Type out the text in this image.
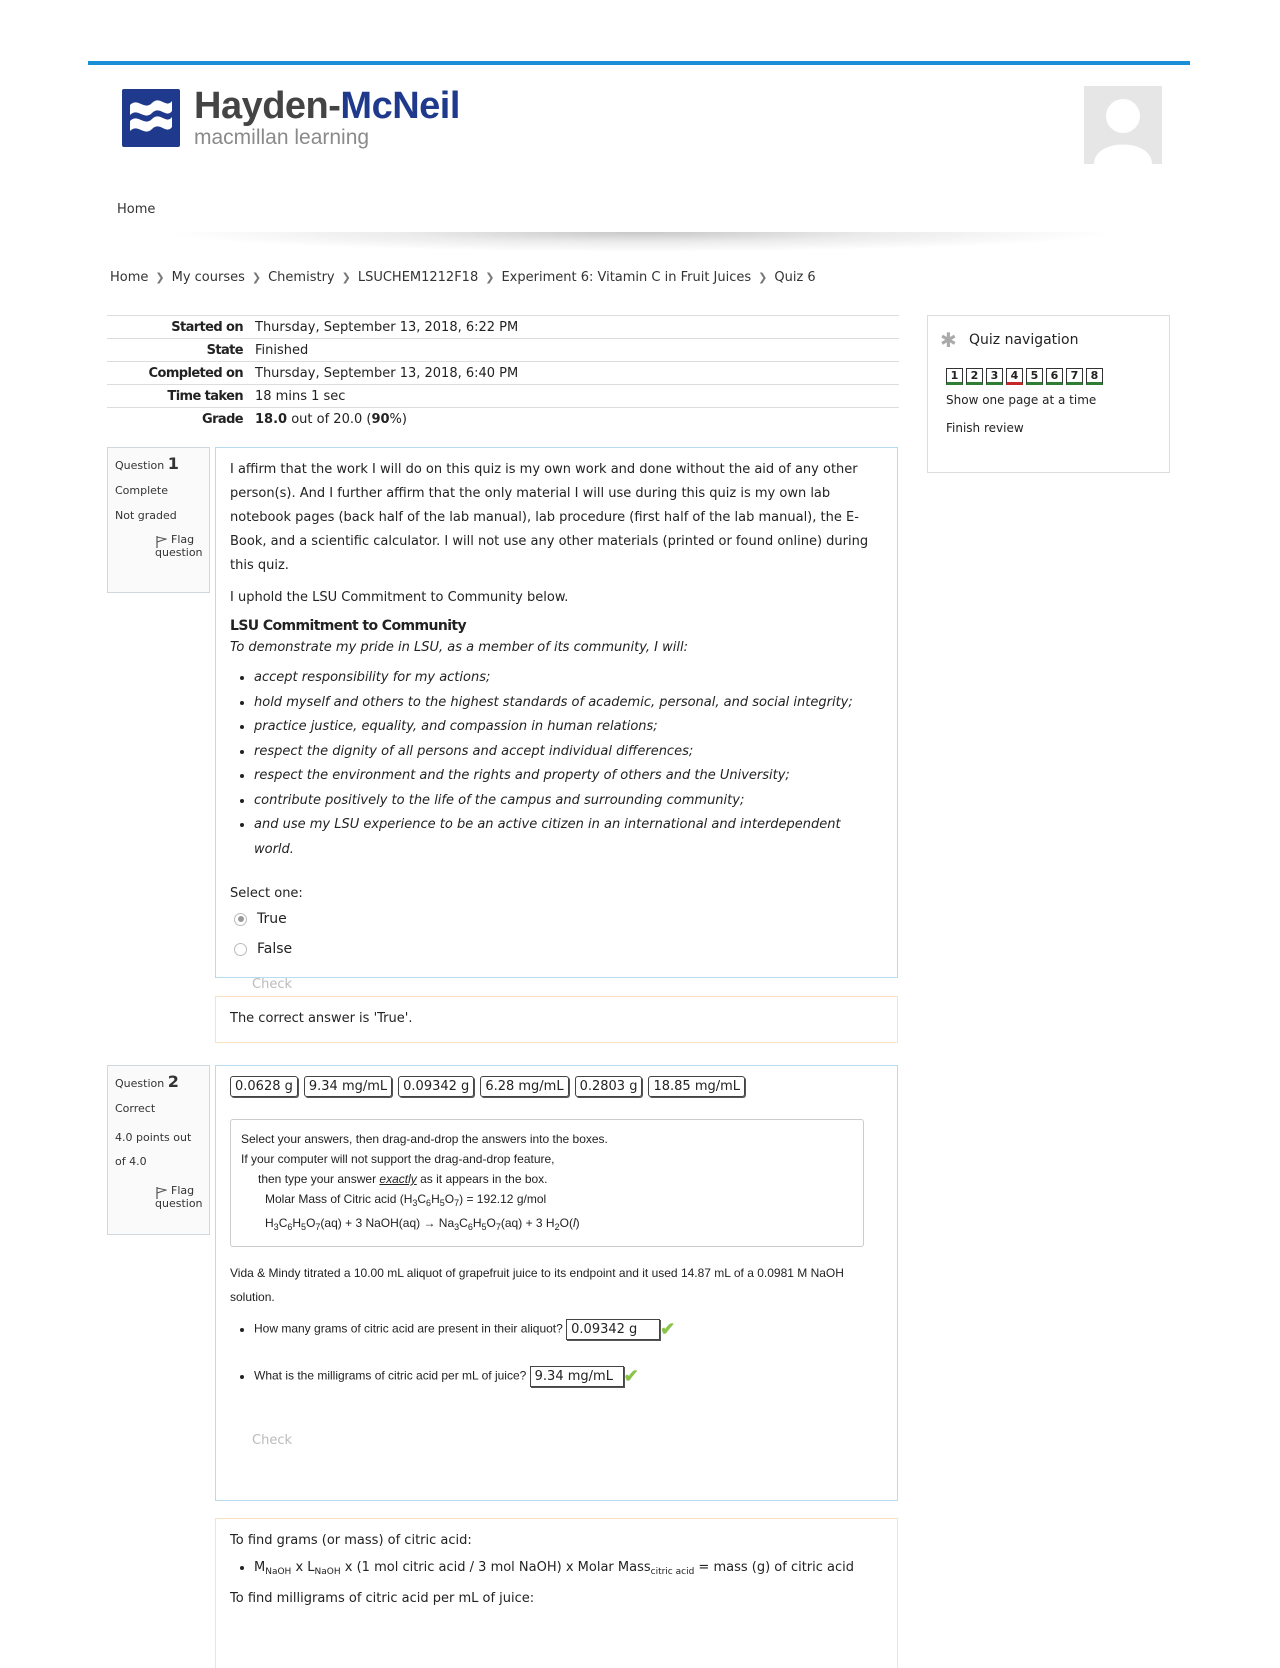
Hayden-McNeil
macmillan learning
Home
Home ❯ My courses ❯ Chemistry ❯ LSUCHEM1212F18 ❯ Experiment 6: Vitamin C in Fruit Juices ❯ Quiz 6
Started on	Thursday, September 13, 2018, 6:22 PM
State	Finished
Completed on	Thursday, September 13, 2018, 6:40 PM
Time taken	18 mins 1 sec
Grade	18.0 out of 20.0 (90%)
Question 1

Complete

Not graded

Flag question

I affirm that the work I will do on this quiz is my own work and done without the aid of any other person(s). And I further affirm that the only material I will use during this quiz is my own lab notebook pages (back half of the lab manual), lab procedure (first half of the lab manual), the E-Book, and a scientific calculator. I will not use any other materials (printed or found online) during this quiz.

I uphold the LSU Commitment to Community below.

LSU Commitment to Community

To demonstrate my pride in LSU, as a member of its community, I will:

• accept responsibility for my actions;
• hold myself and others to the highest standards of academic, personal, and social integrity;
• practice justice, equality, and compassion in human relations;
• respect the dignity of all persons and accept individual differences;
• respect the environment and the rights and property of others and the University;
• contribute positively to the life of the campus and surrounding community;
• and use my LSU experience to be an active citizen in an international and interdependent world.
Select one:
True
False
Check
The correct answer is 'True'.
Question 2

Correct

4.0 points out of 4.0

Flag question
0.0628 g	9.34 mg/mL	0.09342 g	6.28 mg/mL	0.2803 g	18.85 mg/mL
Select your answers, then drag-and-drop the answers into the boxes.
If your computer will not support the drag-and-drop feature,
then type your answer exactly as it appears in the box.
Molar Mass of Citric acid $(H_3C_6H_5O_7) = 192.12$ g/mol
$H_3C_6H_5O_7(aq) + 3$ NaOH(aq) → $Na_3C_6H_5O_7(aq) + 3$ $H_2O(l)$
Vida & Mindy titrated a 10.00 mL aliquot of grapefruit juice to its endpoint and it used 14.87 mL of a 0.0981 M NaOH solution.
• How many grams of citric acid are present in their aliquot? 0.09342 g ✔
• What is the milligrams of citric acid per mL of juice? 9.34 mg/mL ✔
Check
To find grams (or mass) of citric acid:
• $M_{NaOH}$ x $L_{NaOH}$ x (1 mol citric acid / 3 mol NaOH) x Molar Mass$_{citric acid}$ = mass (g) of citric acid
To find milligrams of citric acid per mL of juice:
✱ Quiz navigation
1	2	3	4	5	6	7	8
Show one page at a time
Finish review
